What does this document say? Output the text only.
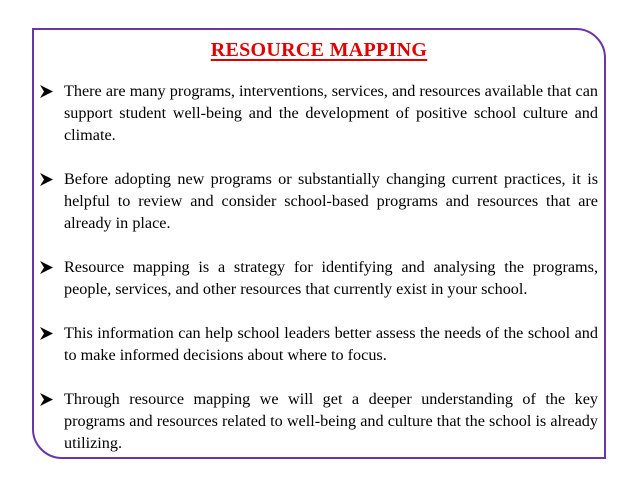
RESOURCE MAPPING
There are many programs, interventions, services, and resources available that can support student well-being and the development of positive school culture and climate.
Before adopting new programs or substantially changing current practices, it is helpful to review and consider school-based programs and resources that are already in place.
Resource mapping is a strategy for identifying and analysing the programs, people, services, and other resources that currently exist in your school.
This information can help school leaders better assess the needs of the school and to make informed decisions about where to focus.
Through resource mapping we will get a deeper understanding of the key programs and resources related to well-being and culture that the school is already utilizing.
